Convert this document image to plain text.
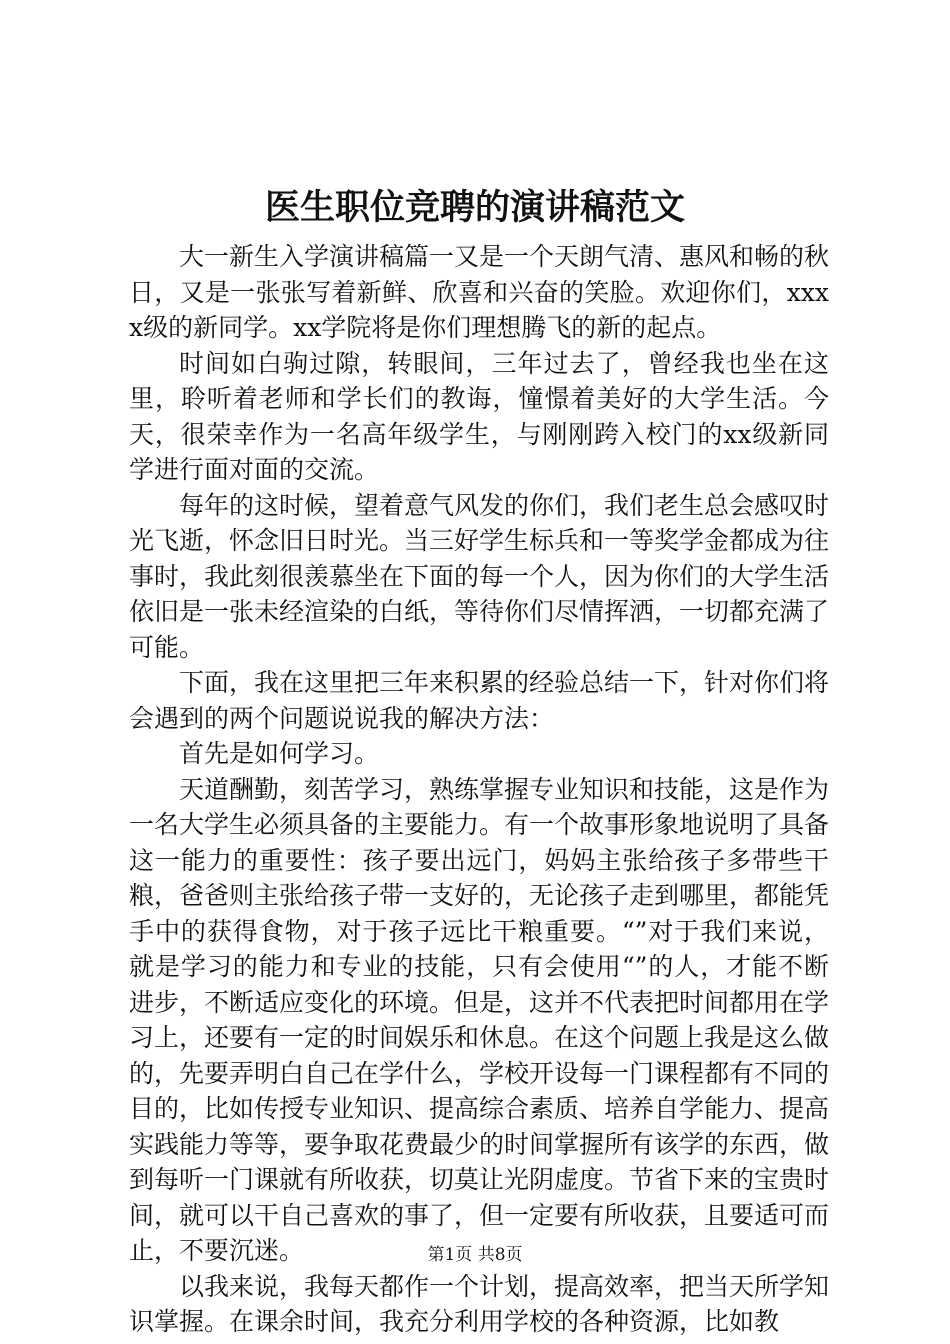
医生职位竞聘的演讲稿范文

大一新生入学演讲稿篇一又是一个天朗气清、惠风和畅的秋日，又是一张张写着新鲜、欣喜和兴奋的笑脸。欢迎你们，xxxx级的新同学。xx学院将是你们理想腾飞的新的起点。

时间如白驹过隙，转眼间，三年过去了，曾经我也坐在这里，聆听着老师和学长们的教诲，憧憬着美好的大学生活。今天，很荣幸作为一名高年级学生，与刚刚跨入校门的xx级新同学进行面对面的交流。

每年的这时候，望着意气风发的你们，我们老生总会感叹时光飞逝，怀念旧日时光。当三好学生标兵和一等奖学金都成为往事时，我此刻很羡慕坐在下面的每一个人，因为你们的大学生活依旧是一张未经渲染的白纸，等待你们尽情挥洒，一切都充满了可能。

下面，我在这里把三年来积累的经验总结一下，针对你们将会遇到的两个问题说说我的解决方法：

首先是如何学习。

天道酬勤，刻苦学习，熟练掌握专业知识和技能，这是作为一名大学生必须具备的主要能力。有一个故事形象地说明了具备这一能力的重要性：孩子要出远门，妈妈主张给孩子多带些干粮，爸爸则主张给孩子带一支好的，无论孩子走到哪里，都能凭手中的获得食物，对于孩子远比干粮重要。“”对于我们来说，就是学习的能力和专业的技能，只有会使用“”的人，才能不断进步，不断适应变化的环境。但是，这并不代表把时间都用在学习上，还要有一定的时间娱乐和休息。在这个问题上我是这么做的，先要弄明白自己在学什么，学校开设每一门课程都有不同的目的，比如传授专业知识、提高综合素质、培养自学能力、提高实践能力等等，要争取花费最少的时间掌握所有该学的东西，做到每听一门课就有所收获，切莫让光阴虚度。节省下来的宝贵时间，就可以干自己喜欢的事了，但一定要有所收获，且要适可而止，不要沉迷。

以我来说，我每天都作一个计划，提高效率，把当天所学知识掌握。在课余时间，我充分利用学校的各种资源，比如教

第1页 共8页
